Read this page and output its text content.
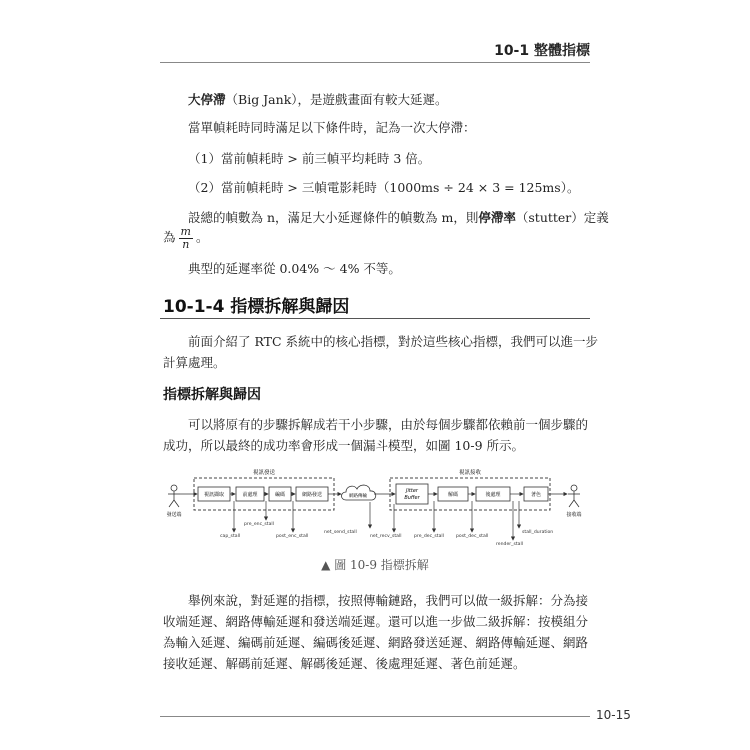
10-1 整體指標
大停滯（Big Jank），是遊戲畫面有較大延遲。
當單幀耗時同時滿足以下條件時，記為一次大停滯：
（1）當前幀耗時 > 前三幀平均耗時 3 倍。
（2）當前幀耗時 > 三幀電影耗時（1000ms ÷ 24 × 3 = 125ms）。
設總的幀數為 n，滿足大小延遲條件的幀數為 m，則停滯率（stutter）定義
為 $\frac{m}{n}$ 。
典型的延遲率從 0.04% ～ 4% 不等。
10-1-4 指標拆解與歸因
前面介紹了 RTC 系統中的核心指標，對於這些核心指標，我們可以進一步
計算處理。
指標拆解與歸因
可以將原有的步驟拆解成若干小步驟，由於每個步驟都依賴前一個步驟的
成功，所以最終的成功率會形成一個漏斗模型，如圖 10-9 所示。
視訊發送	視訊接收
發送端	接收端
視訊擷取	前處理	編碼	網路發送	網路傳輸
Jitter
Buffer	解碼	後處理	著色
cap_stall
pre_enc_stall
post_enc_stall
net_send_stall
net_recv_stall	pre_dec_stall	post_dec_stall
render_stall
stall_duration
▲ 圖 10-9 指標拆解
舉例來說，對延遲的指標，按照傳輸鏈路，我們可以做一級拆解：分為接
收端延遲、網路傳輸延遲和發送端延遲。還可以進一步做二級拆解：按模組分
為輸入延遲、編碼前延遲、編碼後延遲、網路發送延遲、網路傳輸延遲、網路
接收延遲、解碼前延遲、解碼後延遲、後處理延遲、著色前延遲。
10-15
